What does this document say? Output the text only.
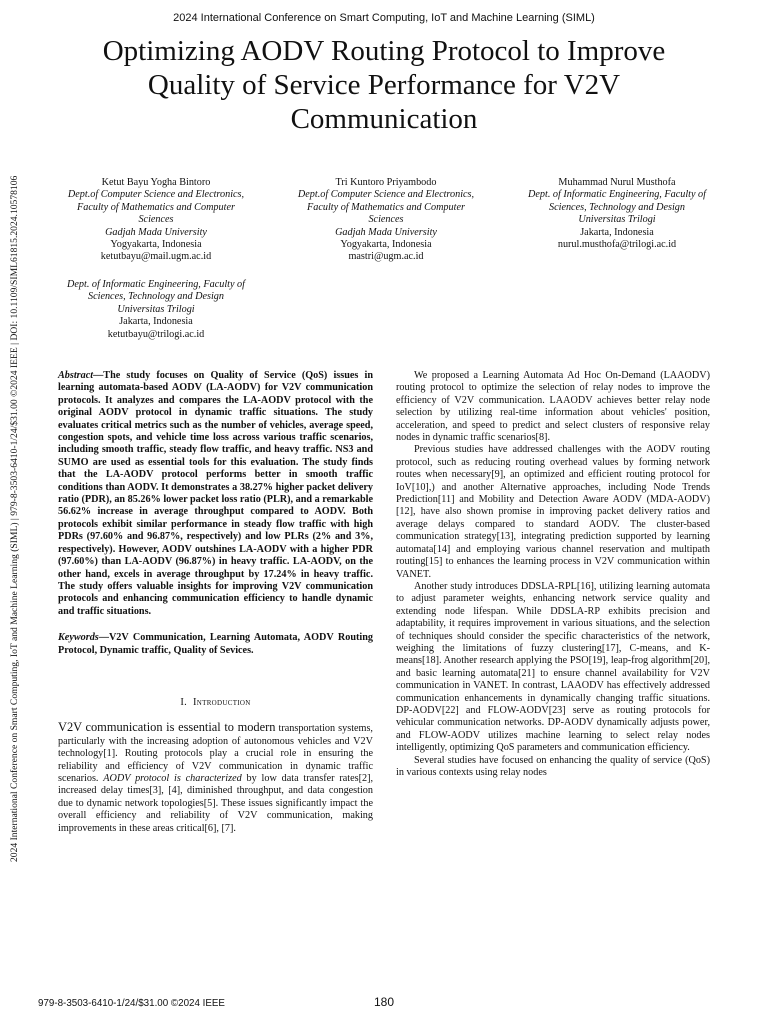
2024 International Conference on Smart Computing, IoT and Machine Learning (SIML)
Optimizing AODV Routing Protocol to Improve Quality of Service Performance for V2V Communication
2024 International Conference on Smart Computing, IoT and Machine Learning (SIML) | 979-8-3503-6410-1/24/$31.00 ©2024 IEEE | DOI: 10.1109/SIML61815.2024.10578106	Ketut Bayu Yogha Bintoro
Dept.of Computer Science and Electronics, Faculty of Mathematics and Computer Sciences
Gadjah Mada University
Yogyakarta, Indonesia
ketutbayu@mail.ugm.ac.id
Tri Kuntoro Priyambodo
Dept.of Computer Science and Electronics, Faculty of Mathematics and Computer Sciences
Gadjah Mada University
Yogyakarta, Indonesia
mastri@ugm.ac.id
Muhammad Nurul Musthofa
Dept. of Informatic Engineering, Faculty of Sciences, Technology and Design
Universitas Trilogi
Jakarta, Indonesia
nurul.musthofa@trilogi.ac.id
Dept. of Informatic Engineering, Faculty of Sciences, Technology and Design
Universitas Trilogi
Jakarta, Indonesia
ketutbayu@trilogi.ac.id

Abstract—The study focuses on Quality of Service (QoS) issues in learning automata-based AODV (LA-AODV) for V2V communication protocols. It analyzes and compares the LA-AODV protocol with the original AODV protocol in dynamic traffic situations. The study evaluates critical metrics such as the number of vehicles, average speed, congestion spots, and vehicle time loss across various traffic scenarios, including smooth traffic, steady flow traffic, and heavy traffic. NS3 and SUMO are used as essential tools for this evaluation. The study finds that the LA-AODV protocol performs better in smooth traffic conditions than AODV. It demonstrates a 38.27% higher packet delivery ratio (PDR), an 85.26% lower packet loss ratio (PLR), and a remarkable 56.62% increase in average throughput compared to AODV. Both protocols exhibit similar performance in steady flow traffic with high PDRs (97.60% and 96.87%, respectively) and low PLRs (2% and 3%, respectively). However, AODV outshines LA-AODV with a higher PDR (97.60%) than LA-AODV (96.87%) in heavy traffic. LA-AODV, on the other hand, excels in average throughput by 17.24% in heavy traffic. The study offers valuable insights for improving V2V communication protocols and enhancing communication efficiency to handle dynamic and traffic situations.

Keywords—V2V Communication, Learning Automata, AODV Routing Protocol, Dynamic traffic, Quality of Sevices.

I. Introduction

V2V communication is essential to modern transportation systems, particularly with the increasing adoption of autonomous vehicles and V2V technology[1]. Routing protocols play a crucial role in ensuring the reliability and efficiency of V2V communication in dynamic traffic scenarios. AODV protocol is characterized by low data transfer rates[2], increased delay times[3], [4], diminished throughput, and data congestion due to dynamic network topologies[5]. These issues significantly impact the overall efficiency and reliability of V2V communication, making improvements in these areas critical[6], [7].

We proposed a Learning Automata Ad Hoc On-Demand (LAAODV) routing protocol to optimize the selection of relay nodes to improve the efficiency of V2V communication. LAAODV achieves better relay node selection by utilizing real-time information about vehicles' position, acceleration, and speed to predict and select clusters of responsive relay nodes in dynamic traffic scenarios[8].

Previous studies have addressed challenges with the AODV routing protocol, such as reducing routing overhead values by forming network routes when necessary[9], an optimized and efficient routing protocol for IoV[10],) and another Alternative approaches, including Node Trends Prediction[11] and Mobility and Detection Aware AODV (MDA-AODV)[12], have also shown promise in improving packet delivery ratios and average delays compared to standard AODV. The cluster-based communication strategy[13], integrating prediction supported by learning automata[14] and employing various channel reservation and multipath routing[15] to enhances the learning process in V2V communication within VANET.

Another study introduces DDSLA-RPL[16], utilizing learning automata to adjust parameter weights, enhancing network service quality and extending node lifespan. While DDSLA-RP exhibits precision and adaptability, it requires improvement in various situations, and the selection of techniques should consider the specific characteristics of the network, weighing the limitations of fuzzy clustering[17], C-means, and K-means[18]. Another research applying the PSO[19], leap-frog algorithm[20], and basic learning automata[21] to ensure channel availability for V2V communication in VANET. In contrast, LAAODV has effectively addressed communication enhancements in dynamically changing traffic situations. DP-AODV[22] and FLOW-AODV[23] serve as routing protocols for vehicular communication networks. DP-AODV dynamically adjusts power, and FLOW-AODV utilizes machine learning to select relay nodes intelligently, optimizing QoS parameters and communication efficiency.

Several studies have focused on enhancing the quality of service (QoS) in various contexts using relay nodes

979-8-3503-6410-1/24/$31.00 ©2024 IEEE	180
